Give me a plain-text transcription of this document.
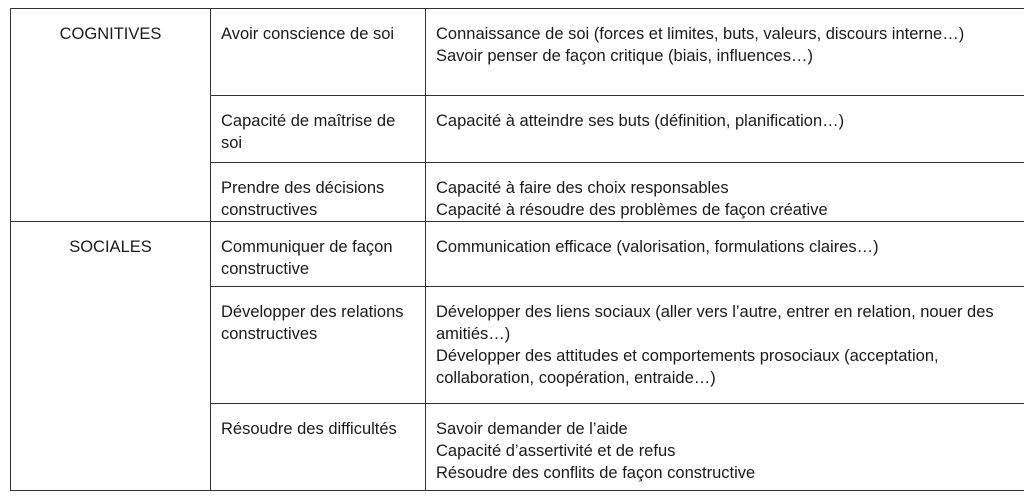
COGNITIVES	Avoir conscience de soi	Connaissance de soi (forces et limites, buts, valeurs, discours interne…)
Savoir penser de façon critique (biais, influences…)

	Capacité de maîtrise de soi	Capacité à atteindre ses buts (définition, planification…)

	Prendre des décisions constructives	Capacité à faire des choix responsables
Capacité à résoudre des problèmes de façon créative

SOCIALES	Communiquer de façon constructive	Communication efficace (valorisation, formulations claires…)

	Développer des relations constructives	Développer des liens sociaux (aller vers l’autre, entrer en relation, nouer des amitiés…)
Développer des attitudes et comportements prosociaux (acceptation, collaboration, coopération, entraide…)

	Résoudre des difficultés	Savoir demander de l’aide
Capacité d’assertivité et de refus
Résoudre des conflits de façon constructive
